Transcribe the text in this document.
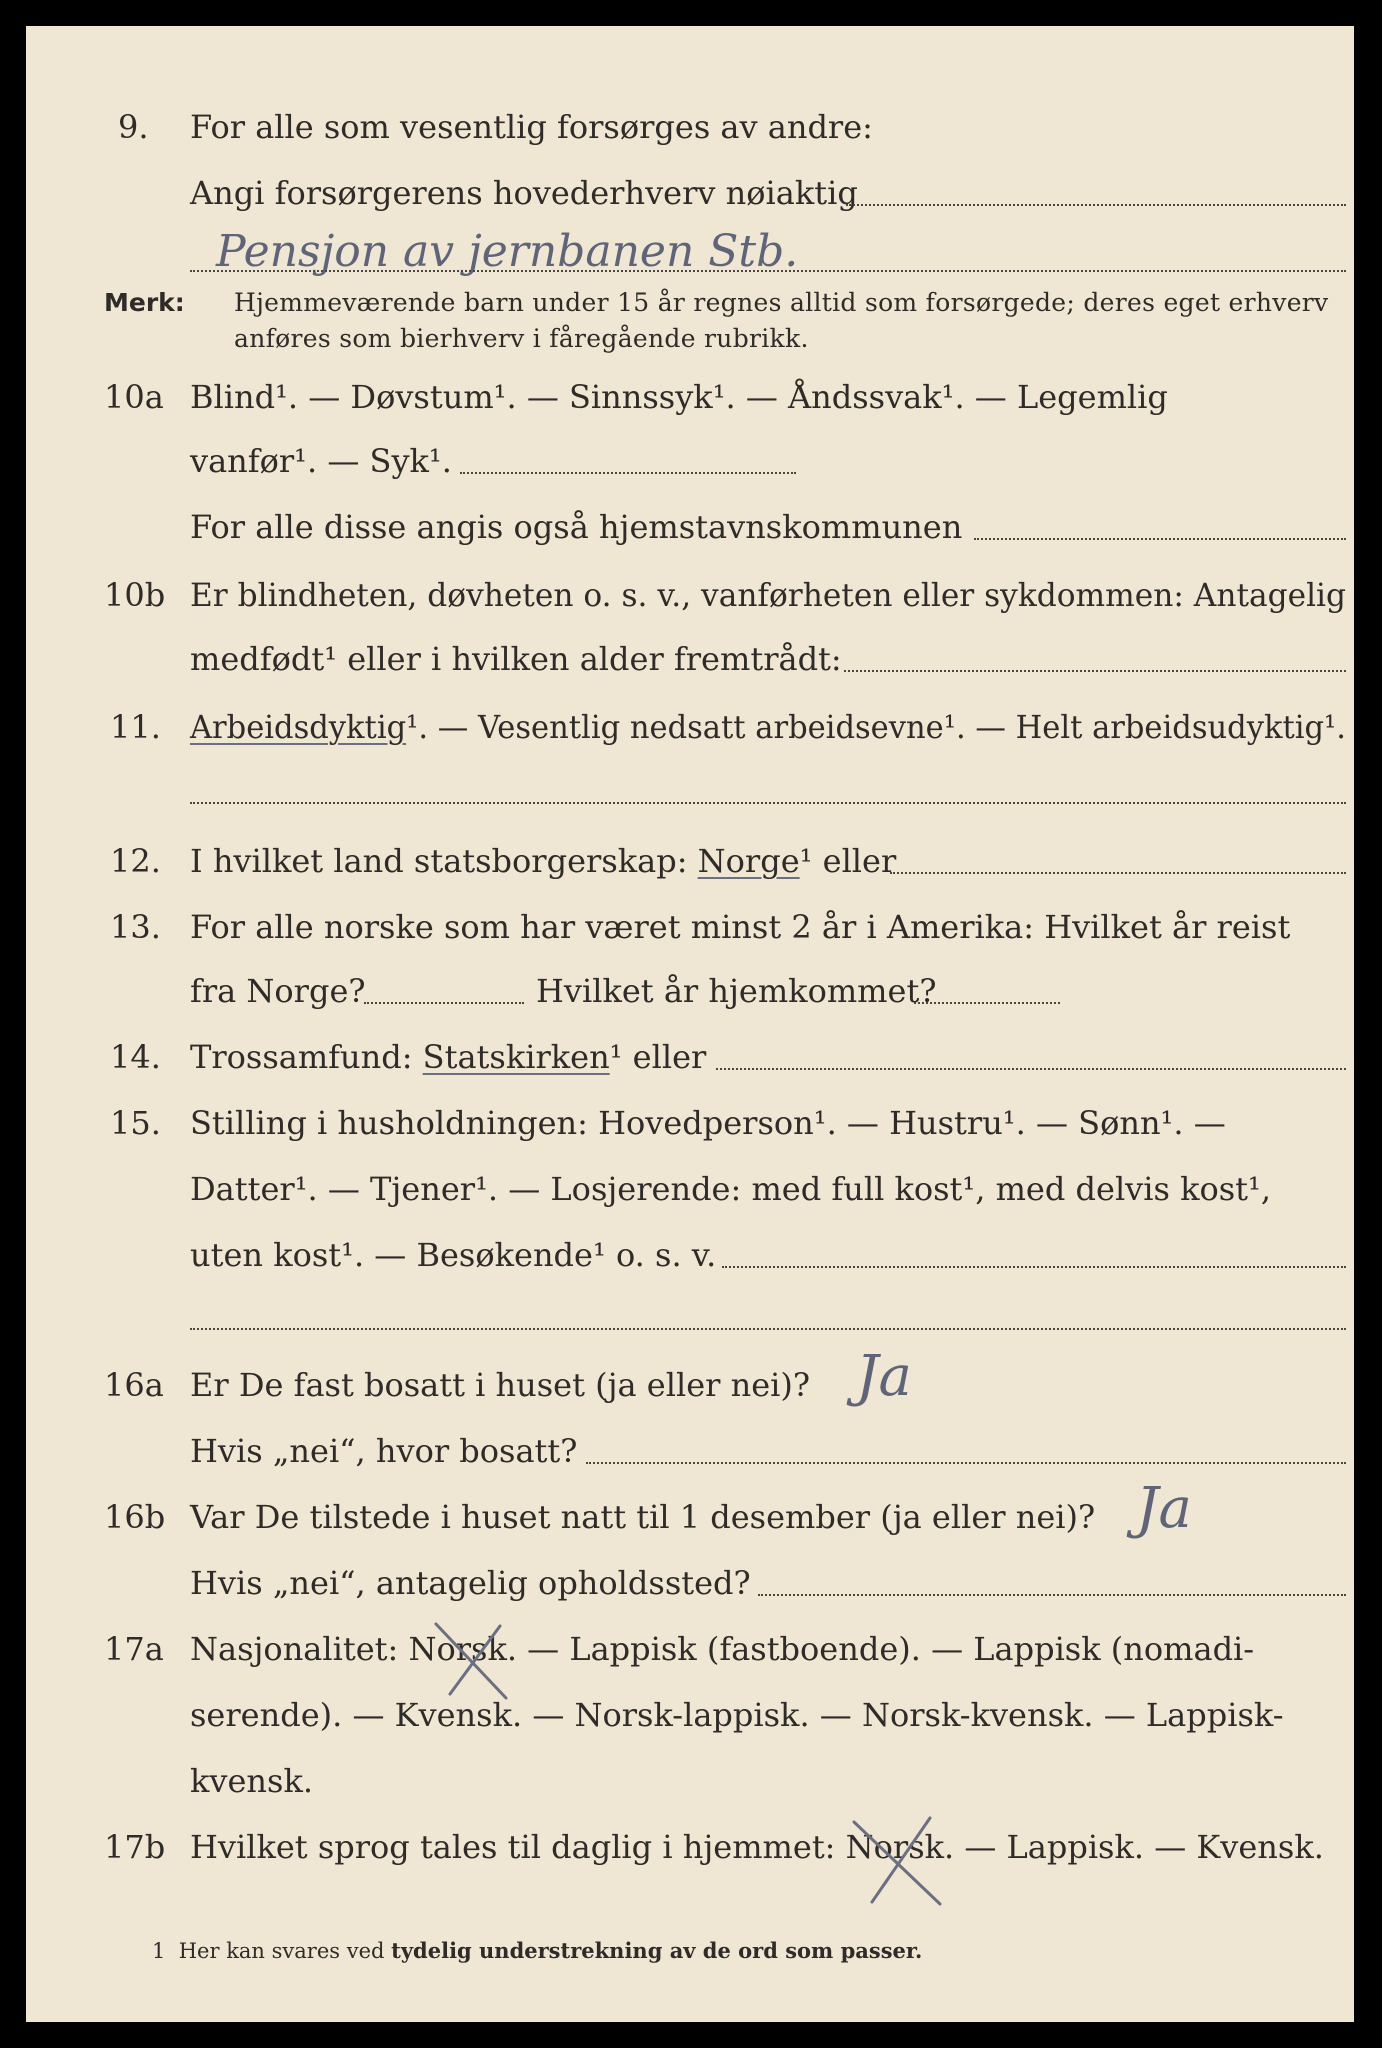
9. For alle som vesentlig forsørges av andre:
Angi forsørgerens hovederhverv nøiaktig
Pensjon av jernbanen Stb.
Merk: Hjemmeværende barn under 15 år regnes alltid som forsørgede; deres eget erhverv
anføres som bierhverv i fåregående rubrikk.
10a Blind¹. — Døvstum¹. — Sinnssyk¹. — Åndssvak¹. — Legemlig
vanfør¹. — Syk¹.
For alle disse angis også hjemstavnskommunen
10b Er blindheten, døvheten o. s. v., vanførheten eller sykdommen: Antagelig
medfødt¹ eller i hvilken alder fremtrådt:
11. Arbeidsdyktig¹. — Vesentlig nedsatt arbeidsevne¹. — Helt arbeidsudyktig¹.
12. I hvilket land statsborgerskap: Norge¹ eller
13. For alle norske som har været minst 2 år i Amerika: Hvilket år reist
fra Norge?	Hvilket år hjemkommet?
14. Trossamfund: Statskirken¹ eller
15. Stilling i husholdningen: Hovedperson¹. — Hustru¹. — Sønn¹. —
Datter¹. — Tjener¹. — Losjerende: med full kost¹, med delvis kost¹,
uten kost¹. — Besøkende¹ o. s. v.
16a Er De fast bosatt i huset (ja eller nei)? Ja
Hvis „nei“, hvor bosatt?
16b Var De tilstede i huset natt til 1 desember (ja eller nei)? Ja
Hvis „nei“, antagelig opholdssted?
17a Nasjonalitet: Norsk. — Lappisk (fastboende). — Lappisk (nomadi-
serende). — Kvensk. — Norsk-lappisk. — Norsk-kvensk. — Lappisk-
kvensk.
17b Hvilket sprog tales til daglig i hjemmet: Norsk. — Lappisk. — Kvensk.
1 Her kan svares ved tydelig understrekning av de ord som passer.
